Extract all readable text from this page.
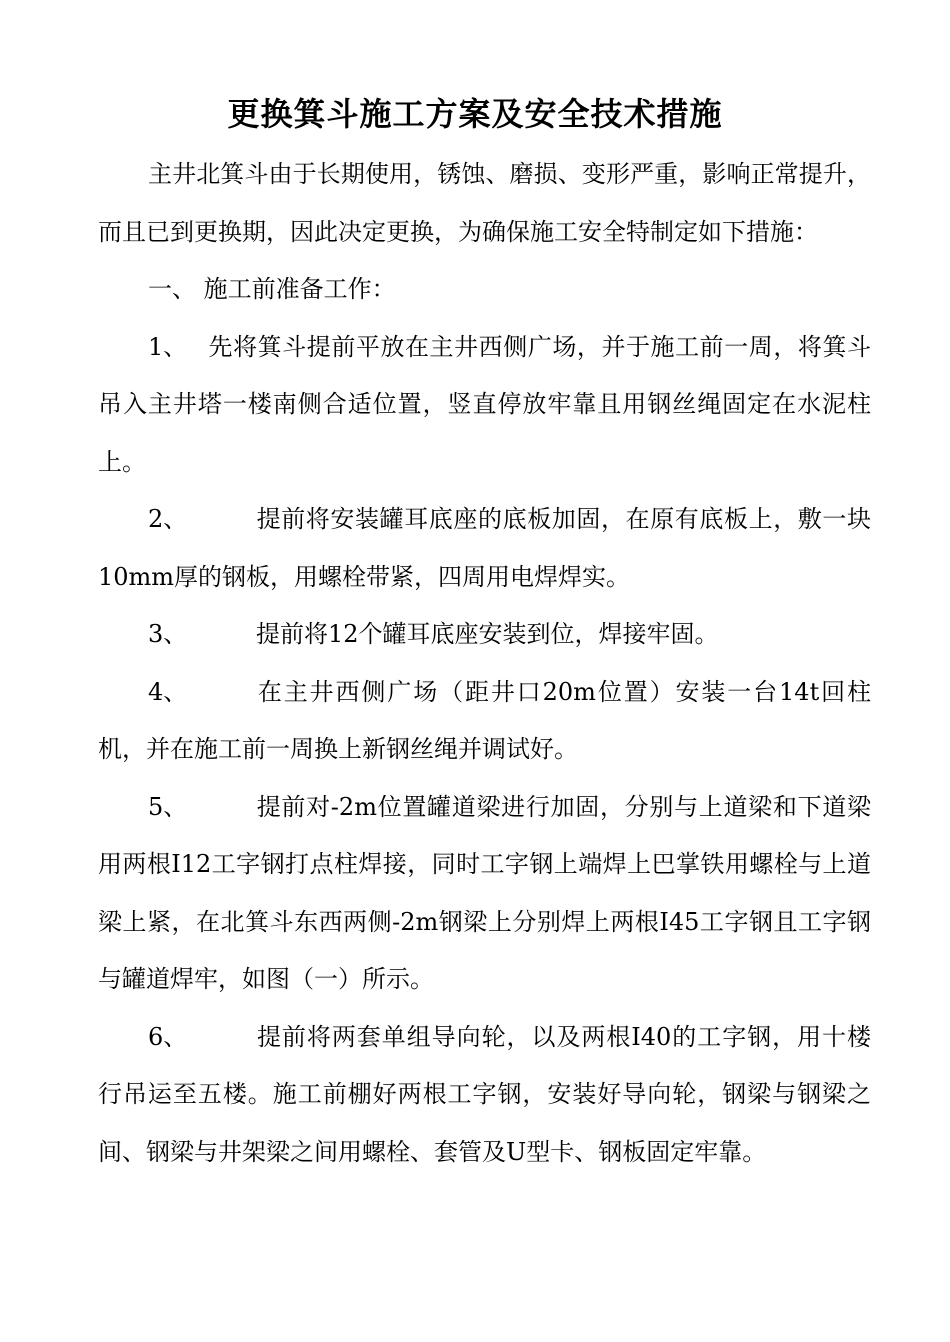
更换箕斗施工方案及安全技术措施

主井北箕斗由于长期使用，锈蚀、磨损、变形严重，影响正常提升，而且已到更换期，因此决定更换，为确保施工安全特制定如下措施：

一、 施工前准备工作：

1、 先将箕斗提前平放在主井西侧广场，并于施工前一周，将箕斗吊入主井塔一楼南侧合适位置，竖直停放牢靠且用钢丝绳固定在水泥柱上。

2、	提前将安装罐耳底座的底板加固，在原有底板上，敷一块10mm厚的钢板，用螺栓带紧，四周用电焊焊实。

3、	提前将12个罐耳底座安装到位，焊接牢固。

4、	在主井西侧广场（距井口20m位置）安装一台14t回柱机，并在施工前一周换上新钢丝绳并调试好。

5、	提前对-2m位置罐道梁进行加固，分别与上道梁和下道梁用两根I12工字钢打点柱焊接，同时工字钢上端焊上巴掌铁用螺栓与上道梁上紧，在北箕斗东西两侧-2m钢梁上分别焊上两根I45工字钢且工字钢与罐道焊牢，如图（一）所示。

6、	提前将两套单组导向轮，以及两根I40的工字钢，用十楼行吊运至五楼。施工前棚好两根工字钢，安装好导向轮，钢梁与钢梁之间、钢梁与井架梁之间用螺栓、套管及U型卡、钢板固定牢靠。
